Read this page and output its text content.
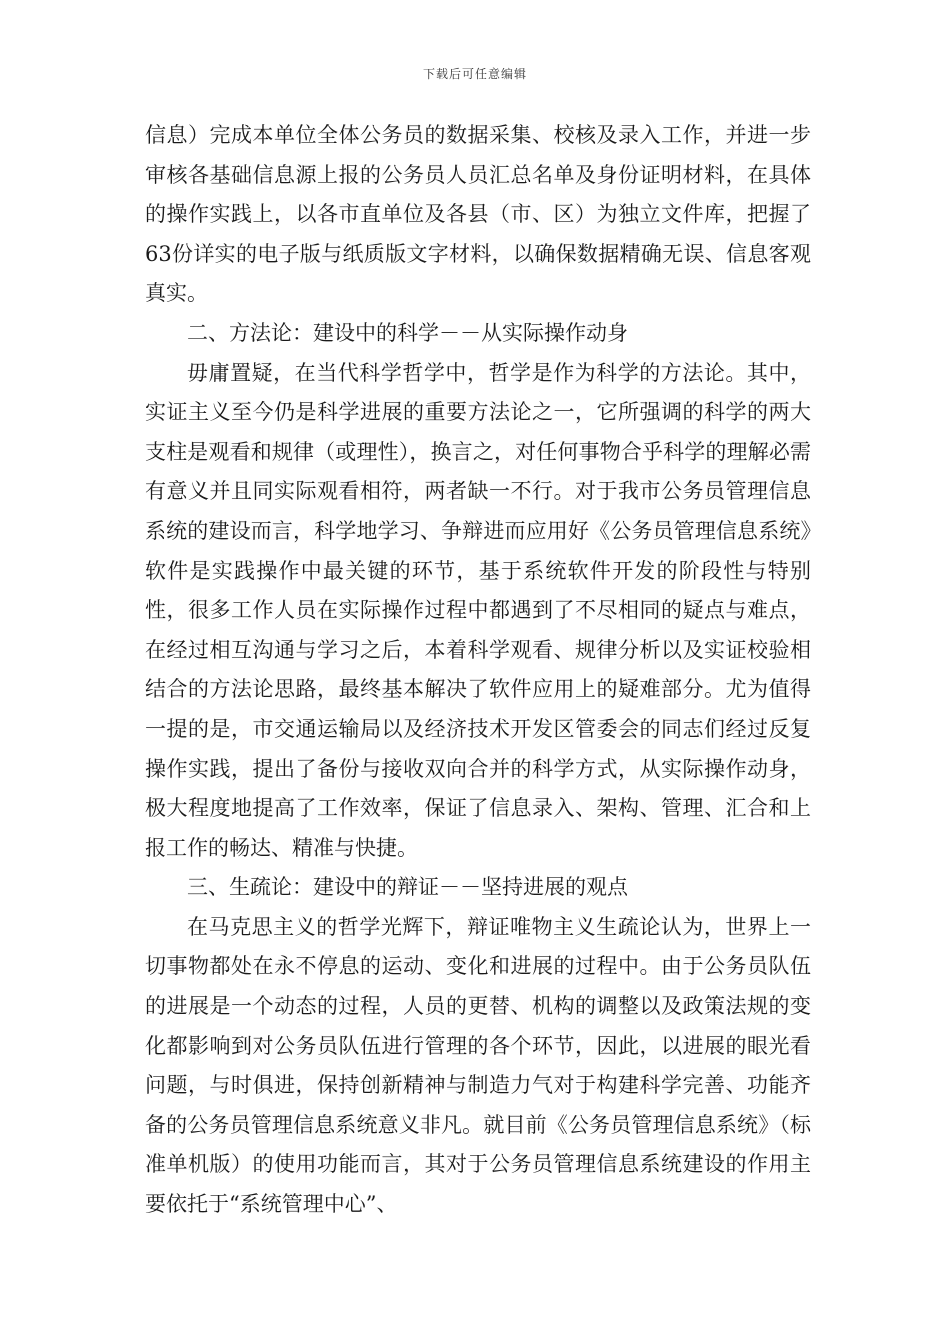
下载后可任意编辑

信息）完成本单位全体公务员的数据采集、校核及录入工作，并进一步审核各基础信息源上报的公务员人员汇总名单及身份证明材料，在具体的操作实践上，以各市直单位及各县（市、区）为独立文件库，把握了63份详实的电子版与纸质版文字材料，以确保数据精确无误、信息客观真实。

二、方法论：建设中的科学－－从实际操作动身

毋庸置疑，在当代科学哲学中，哲学是作为科学的方法论。其中，实证主义至今仍是科学进展的重要方法论之一，它所强调的科学的两大支柱是观看和规律（或理性），换言之，对任何事物合乎科学的理解必需有意义并且同实际观看相符，两者缺一不行。对于我市公务员管理信息系统的建设而言，科学地学习、争辩进而应用好《公务员管理信息系统》软件是实践操作中最关键的环节，基于系统软件开发的阶段性与特别性，很多工作人员在实际操作过程中都遇到了不尽相同的疑点与难点，在经过相互沟通与学习之后，本着科学观看、规律分析以及实证校验相结合的方法论思路，最终基本解决了软件应用上的疑难部分。尤为值得一提的是，市交通运输局以及经济技术开发区管委会的同志们经过反复操作实践，提出了备份与接收双向合并的科学方式，从实际操作动身，极大程度地提高了工作效率，保证了信息录入、架构、管理、汇合和上报工作的畅达、精准与快捷。

三、生疏论：建设中的辩证－－坚持进展的观点

在马克思主义的哲学光辉下，辩证唯物主义生疏论认为，世界上一切事物都处在永不停息的运动、变化和进展的过程中。由于公务员队伍的进展是一个动态的过程，人员的更替、机构的调整以及政策法规的变化都影响到对公务员队伍进行管理的各个环节，因此，以进展的眼光看问题，与时俱进，保持创新精神与制造力气对于构建科学完善、功能齐备的公务员管理信息系统意义非凡。就目前《公务员管理信息系统》（标准单机版）的使用功能而言，其对于公务员管理信息系统建设的作用主要依托于“系统管理中心”、
